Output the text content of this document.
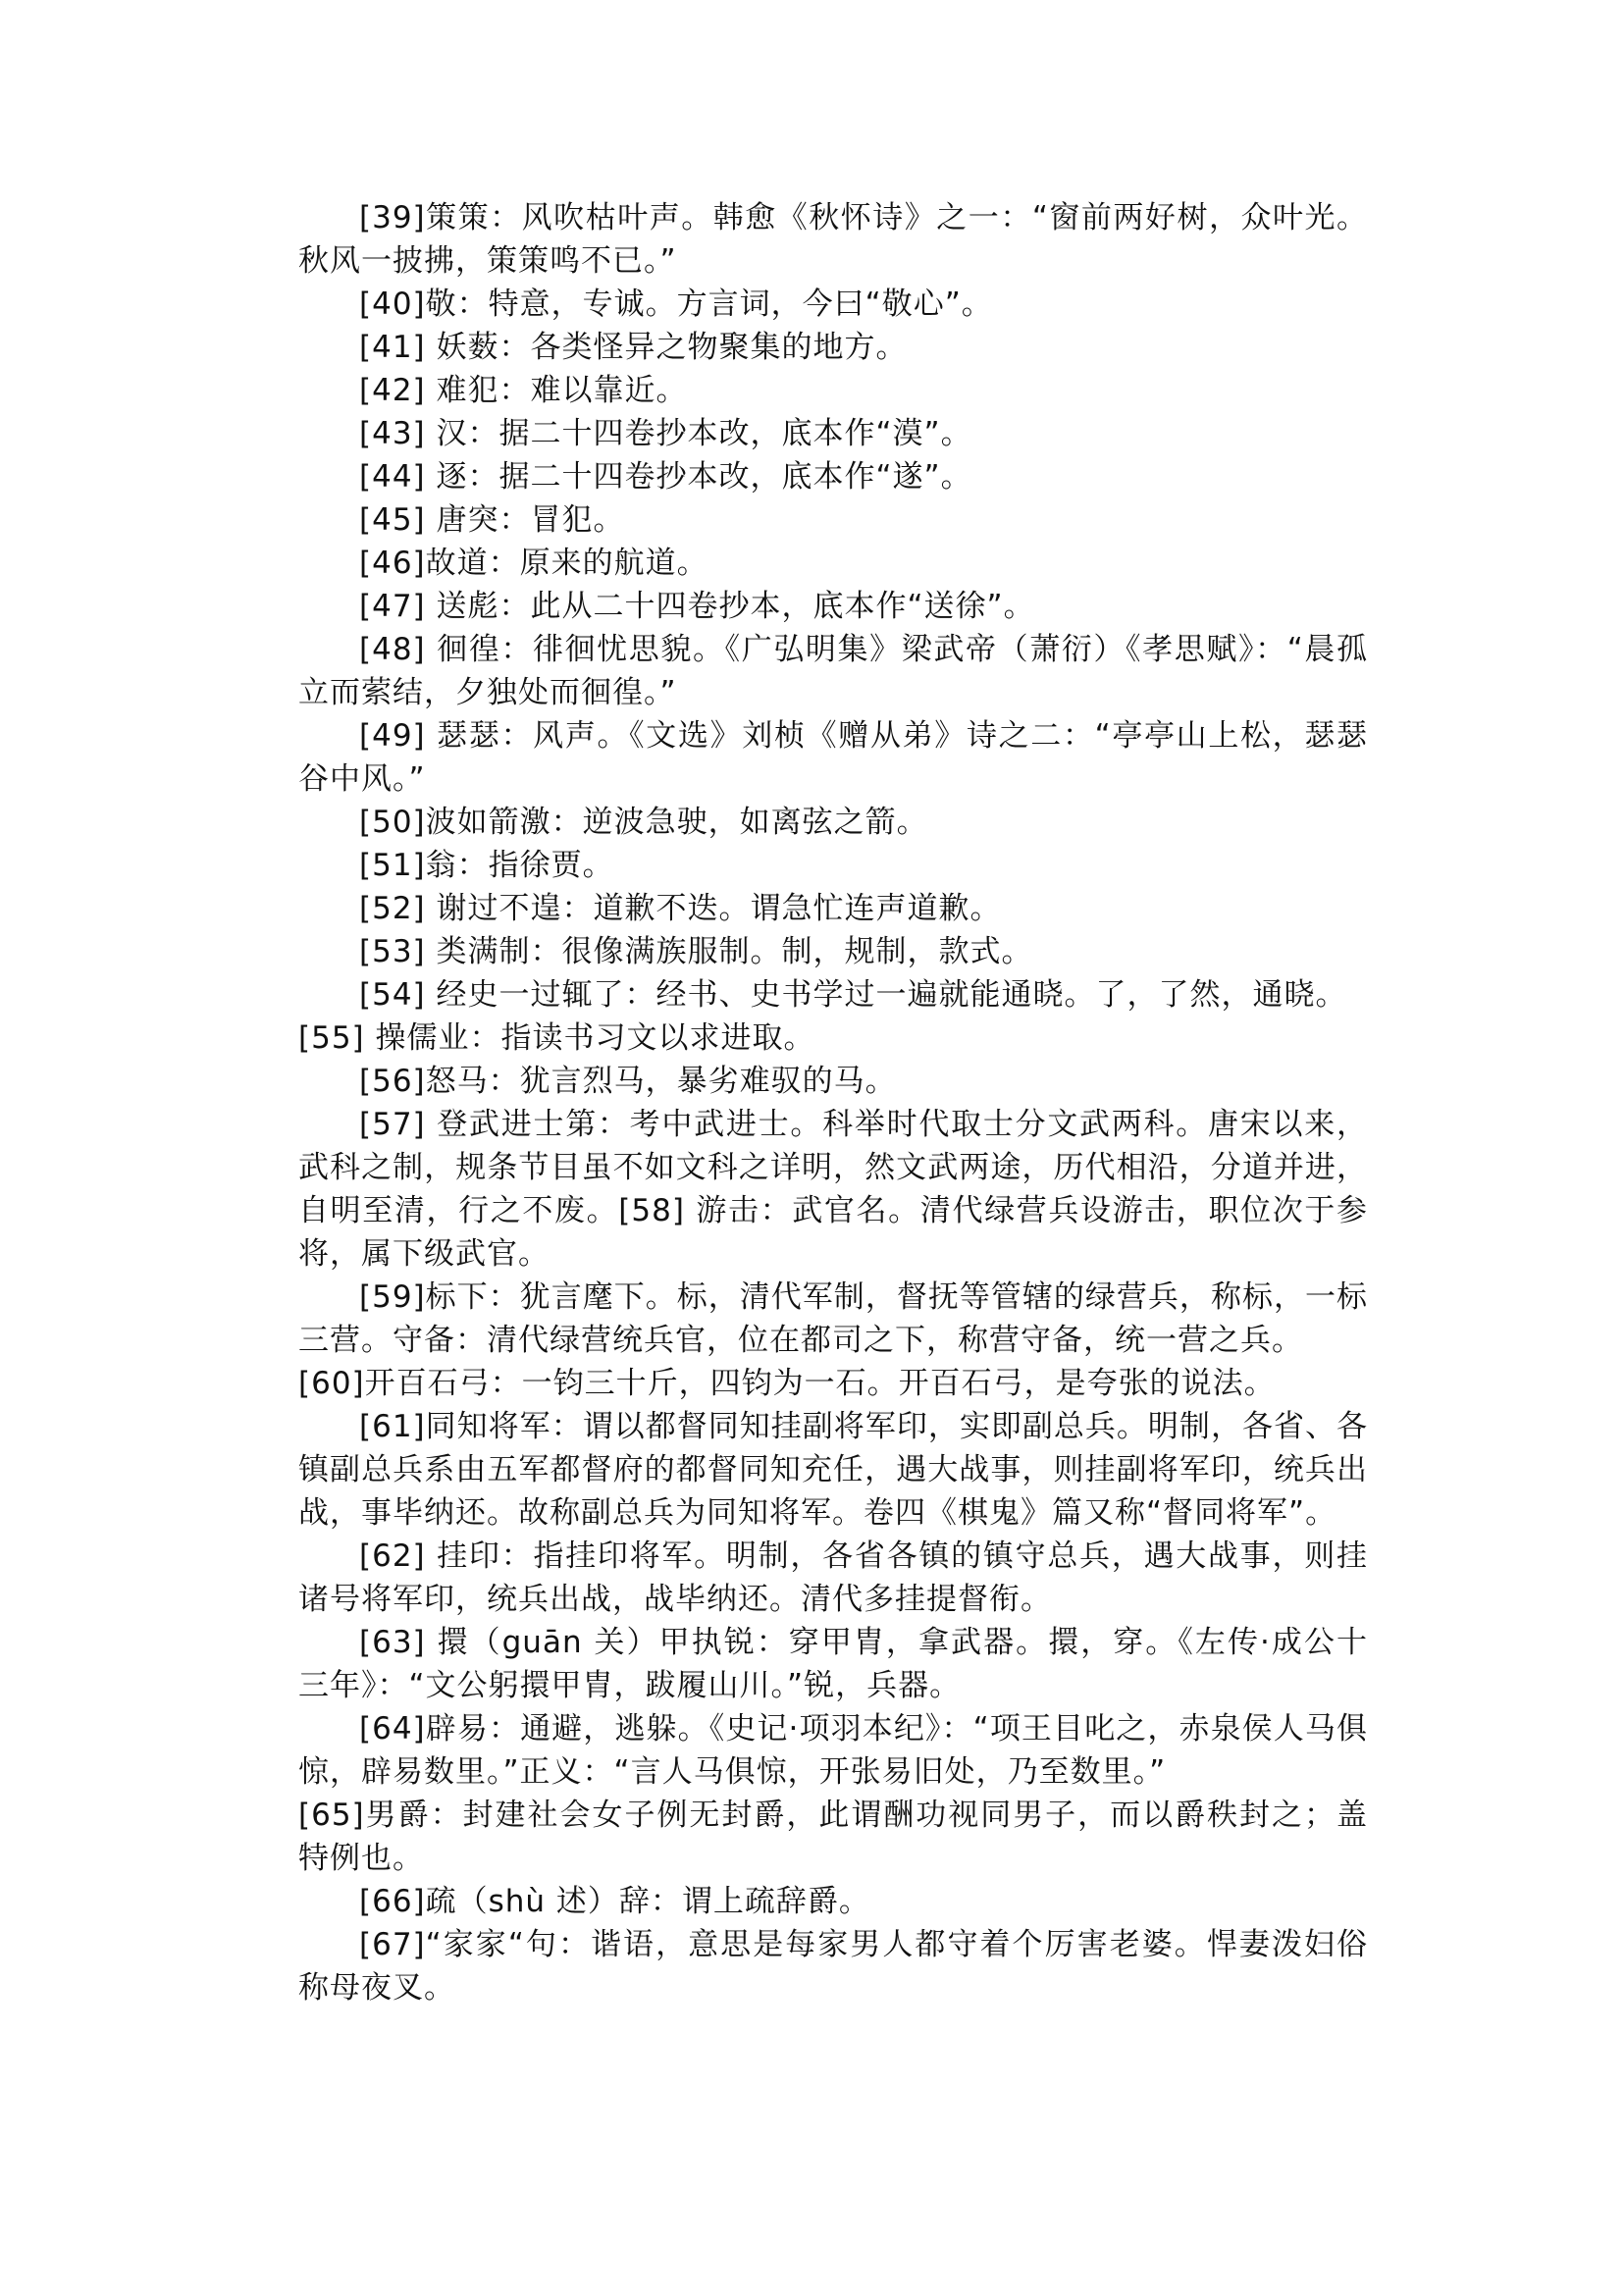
[39]策策：风吹枯叶声。韩愈《秋怀诗》之一：“窗前两好树，众叶光。秋风一披拂，策策鸣不已。”

[40]敬：特意，专诚。方言词，今曰“敬心”。

[41] 妖薮：各类怪异之物聚集的地方。

[42] 难犯：难以靠近。

[43] 汉：据二十四卷抄本改，底本作“漠”。

[44] 逐：据二十四卷抄本改，底本作“遂”。

[45] 唐突：冒犯。

[46]故道：原来的航道。

[47] 送彪：此从二十四卷抄本，底本作“送徐”。

[48] 徊徨：徘徊忧思貌。《广弘明集》梁武帝（萧衍）《孝思赋》：“晨孤立而萦结，夕独处而徊徨。”

[49] 瑟瑟：风声。《文选》刘桢《赠从弟》诗之二：“亭亭山上松，瑟瑟谷中风。”

[50]波如箭激：逆波急驶，如离弦之箭。

[51]翁：指徐贾。

[52] 谢过不遑：道歉不迭。谓急忙连声道歉。

[53] 类满制：很像满族服制。制，规制，款式。

[54] 经史一过辄了：经书、史书学过一遍就能通晓。了，了然，通晓。

[55] 操儒业：指读书习文以求进取。

[56]怒马：犹言烈马，暴劣难驭的马。

[57] 登武进士第：考中武进士。科举时代取士分文武两科。唐宋以来，武科之制，规条节目虽不如文科之详明，然文武两途，历代相沿，分道并进，自明至清，行之不废。[58] 游击：武官名。清代绿营兵设游击，职位次于参将，属下级武官。

[59]标下：犹言麾下。标，清代军制，督抚等管辖的绿营兵，称标，一标三营。守备：清代绿营统兵官，位在都司之下，称营守备，统一营之兵。

[60]开百石弓：一钧三十斤，四钧为一石。开百石弓，是夸张的说法。

[61]同知将军：谓以都督同知挂副将军印，实即副总兵。明制，各省、各镇副总兵系由五军都督府的都督同知充任，遇大战事，则挂副将军印，统兵出战，事毕纳还。故称副总兵为同知将军。卷四《棋鬼》篇又称“督同将军”。

[62] 挂印：指挂印将军。明制，各省各镇的镇守总兵，遇大战事，则挂诸号将军印，统兵出战，战毕纳还。清代多挂提督衔。

[63] 擐（guān 关）甲执锐：穿甲胄，拿武器。擐，穿。《左传·成公十三年》：“文公躬擐甲胄，跋履山川。”锐，兵器。

[64]辟易：通避，逃躲。《史记·项羽本纪》：“项王目叱之，赤泉侯人马俱惊，辟易数里。”正义：“言人马俱惊，开张易旧处，乃至数里。”

[65]男爵：封建社会女子例无封爵，此谓酬功视同男子，而以爵秩封之；盖特例也。

[66]疏（shù 述）辞：谓上疏辞爵。

[67]“家家“句：谐语，意思是每家男人都守着个厉害老婆。悍妻泼妇俗称母夜叉。
